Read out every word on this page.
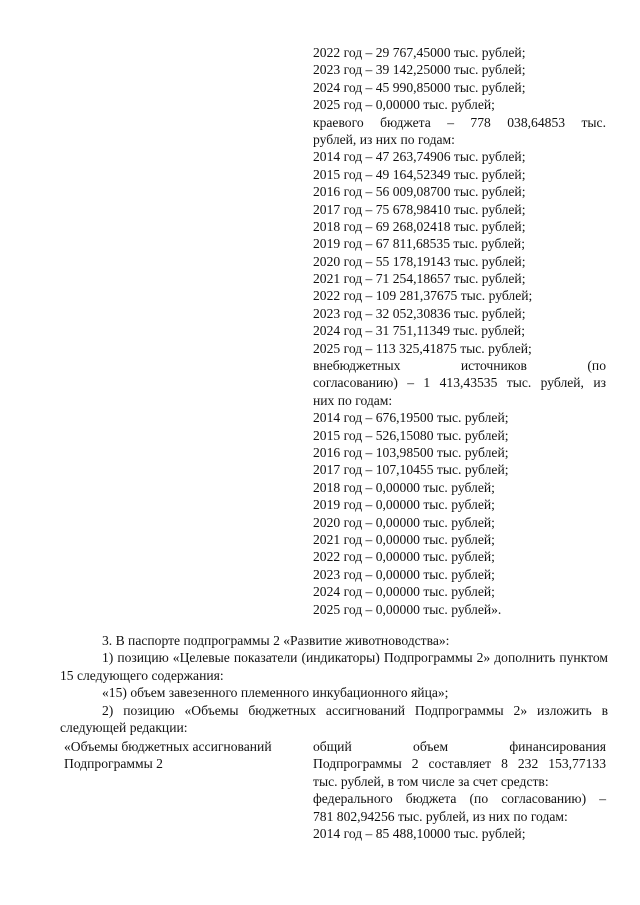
2022 год – 29 767,45000 тыс. рублей;
2023 год – 39 142,25000 тыс. рублей;
2024 год – 45 990,85000 тыс. рублей;
2025 год – 0,00000 тыс. рублей;
краевого бюджета – 778 038,64853 тыс.
рублей, из них по годам:
2014 год – 47 263,74906 тыс. рублей;
2015 год – 49 164,52349 тыс. рублей;
2016 год – 56 009,08700 тыс. рублей;
2017 год – 75 678,98410 тыс. рублей;
2018 год – 69 268,02418 тыс. рублей;
2019 год – 67 811,68535 тыс. рублей;
2020 год – 55 178,19143 тыс. рублей;
2021 год – 71 254,18657 тыс. рублей;
2022 год – 109 281,37675 тыс. рублей;
2023 год – 32 052,30836 тыс. рублей;
2024 год – 31 751,11349 тыс. рублей;
2025 год – 113 325,41875 тыс. рублей;
внебюджетных источников (по
согласованию) – 1 413,43535 тыс. рублей, из
них по годам:
2014 год – 676,19500 тыс. рублей;
2015 год – 526,15080 тыс. рублей;
2016 год – 103,98500 тыс. рублей;
2017 год – 107,10455 тыс. рублей;
2018 год – 0,00000 тыс. рублей;
2019 год – 0,00000 тыс. рублей;
2020 год – 0,00000 тыс. рублей;
2021 год – 0,00000 тыс. рублей;
2022 год – 0,00000 тыс. рублей;
2023 год – 0,00000 тыс. рублей;
2024 год – 0,00000 тыс. рублей;
2025 год – 0,00000 тыс. рублей».
3. В паспорте подпрограммы 2 «Развитие животноводства»:
1) позицию «Целевые показатели (индикаторы) Подпрограммы 2» дополнить пунктом 15 следующего содержания:
«15) объем завезенного племенного инкубационного яйца»;
2) позицию «Объемы бюджетных ассигнований Подпрограммы 2» изложить в следующей редакции:
«Объемы бюджетных ассигнований Подпрограммы 2
общий объем финансирования
Подпрограммы 2 составляет 8 232 153,77133
тыс. рублей, в том числе за счет средств:
федерального бюджета (по согласованию) –
781 802,94256 тыс. рублей, из них по годам:
2014 год – 85 488,10000 тыс. рублей;
